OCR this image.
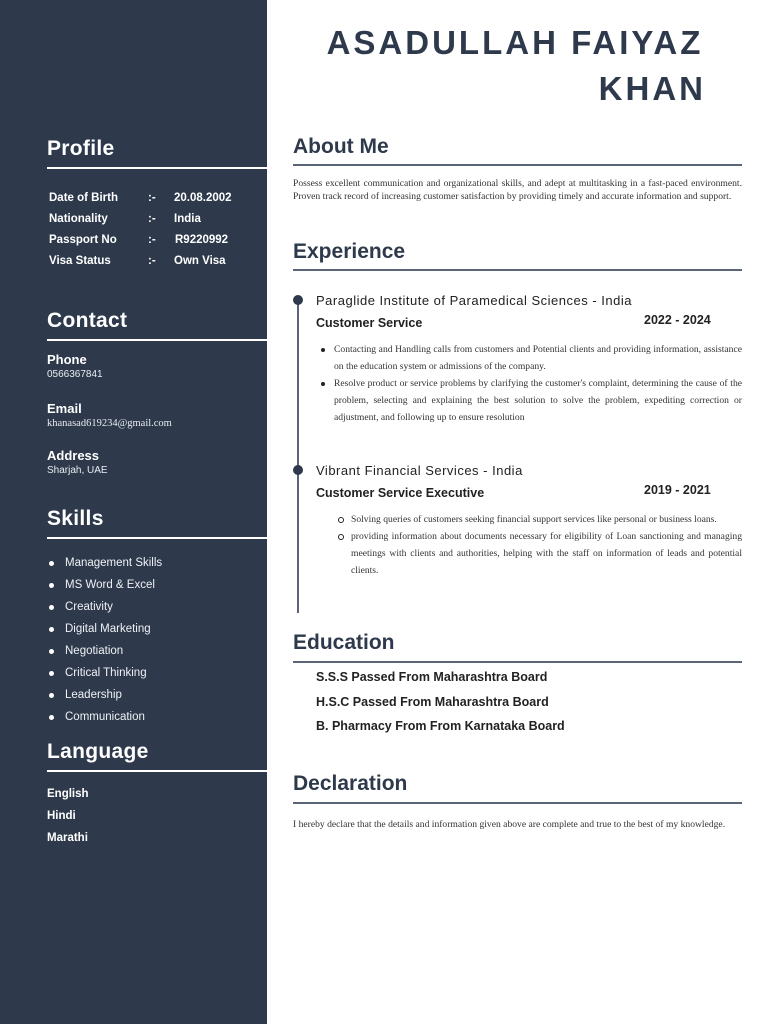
Profile
Date of Birth	:-	20.08.2002
Nationality	:-	India
Passport No	:-	R9220992
Visa Status	:-	Own Visa
Contact
Phone
0566367841
Email
khanasad619234@gmail.com
Address
Sharjah, UAE
Skills
Management Skills
MS Word & Excel
Creativity
Digital Marketing
Negotiation
Critical Thinking
Leadership
Communication
Language
English
Hindi
Marathi
ASADULLAH FAIYAZ
KHAN
About Me
Possess excellent communication and organizational skills, and adept at multitasking in a fast-paced environment. Proven track record of increasing customer satisfaction by providing timely and accurate information and support.
Experience
Paraglide Institute of Paramedical Sciences - India
Customer Service	2022 - 2024
Contacting and Handling calls from customers and Potential clients and providing information, assistance on the education system or admissions of the company.
Resolve product or service problems by clarifying the customer's complaint, determining the cause of the problem, selecting and explaining the best solution to solve the problem, expediting correction or adjustment, and following up to ensure resolution
Vibrant Financial Services - India
Customer Service Executive	2019 - 2021
Solving queries of customers seeking financial support services like personal or business loans.
providing information about documents necessary for eligibility of Loan sanctioning and managing meetings with clients and authorities, helping with the staff on information of leads and potential clients.
Education
S.S.S Passed From Maharashtra Board
H.S.C Passed From Maharashtra Board
B. Pharmacy From From Karnataka Board
Declaration
I hereby declare that the details and information given above are complete and true to the best of my knowledge.
